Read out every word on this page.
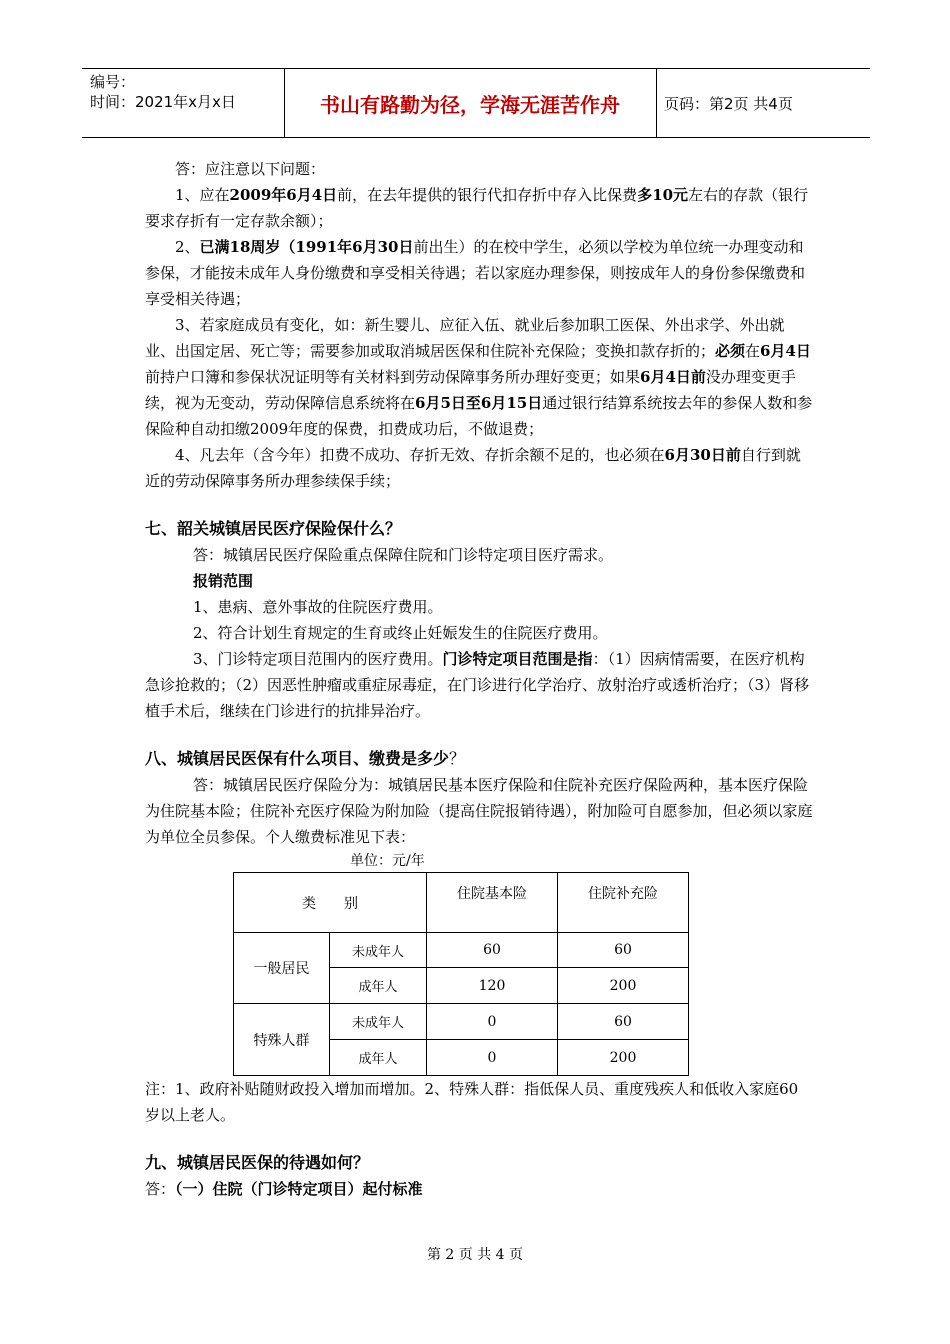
编号：
时间：2021年x月x日	书山有路勤为径，学海无涯苦作舟	页码：第2页 共4页

答：应注意以下问题：

1、应在2009年6月4日前，在去年提供的银行代扣存折中存入比保费多10元左右的存款（银行要求存折有一定存款余额）；

2、已满18周岁（1991年6月30日前出生）的在校中学生，必须以学校为单位统一办理变动和参保，才能按未成年人身份缴费和享受相关待遇；若以家庭办理参保，则按成年人的身份参保缴费和享受相关待遇；

3、若家庭成员有变化，如：新生婴儿、应征入伍、就业后参加职工医保、外出求学、外出就业、出国定居、死亡等；需要参加或取消城居医保和住院补充保险；变换扣款存折的；必须在6月4日前持户口簿和参保状况证明等有关材料到劳动保障事务所办理好变更；如果6月4日前没办理变更手续，视为无变动，劳动保障信息系统将在6月5日至6月15日通过银行结算系统按去年的参保人数和参保险种自动扣缴2009年度的保费，扣费成功后，不做退费；

4、凡去年（含今年）扣费不成功、存折无效、存折余额不足的，也必须在6月30日前自行到就近的劳动保障事务所办理参续保手续；

七、韶关城镇居民医疗保险保什么？

答：城镇居民医疗保险重点保障住院和门诊特定项目医疗需求。

报销范围

1、患病、意外事故的住院医疗费用。

2、符合计划生育规定的生育或终止妊娠发生的住院医疗费用。

3、门诊特定项目范围内的医疗费用。门诊特定项目范围是指：（1）因病情需要，在医疗机构急诊抢救的；（2）因恶性肿瘤或重症尿毒症，在门诊进行化学治疗、放射治疗或透析治疗；（3）肾移植手术后，继续在门诊进行的抗排异治疗。

八、城镇居民医保有什么项目、缴费是多少？

答：城镇居民医疗保险分为：城镇居民基本医疗保险和住院补充医疗保险两种，基本医疗保险为住院基本险；住院补充医疗保险为附加险（提高住院报销待遇），附加险可自愿参加，但必须以家庭为单位全员参保。个人缴费标准见下表：

单位：元/年

类　　别		住院基本险	住院补充险
一般居民	未成年人	60	60
	成年人	120	200
特殊人群	未成年人	0	60
	成年人	0	200

注：1、政府补贴随财政投入增加而增加。2、特殊人群：指低保人员、重度残疾人和低收入家庭60岁以上老人。

九、城镇居民医保的待遇如何？

答：（一）住院（门诊特定项目）起付标准

第 2 页 共 4 页
